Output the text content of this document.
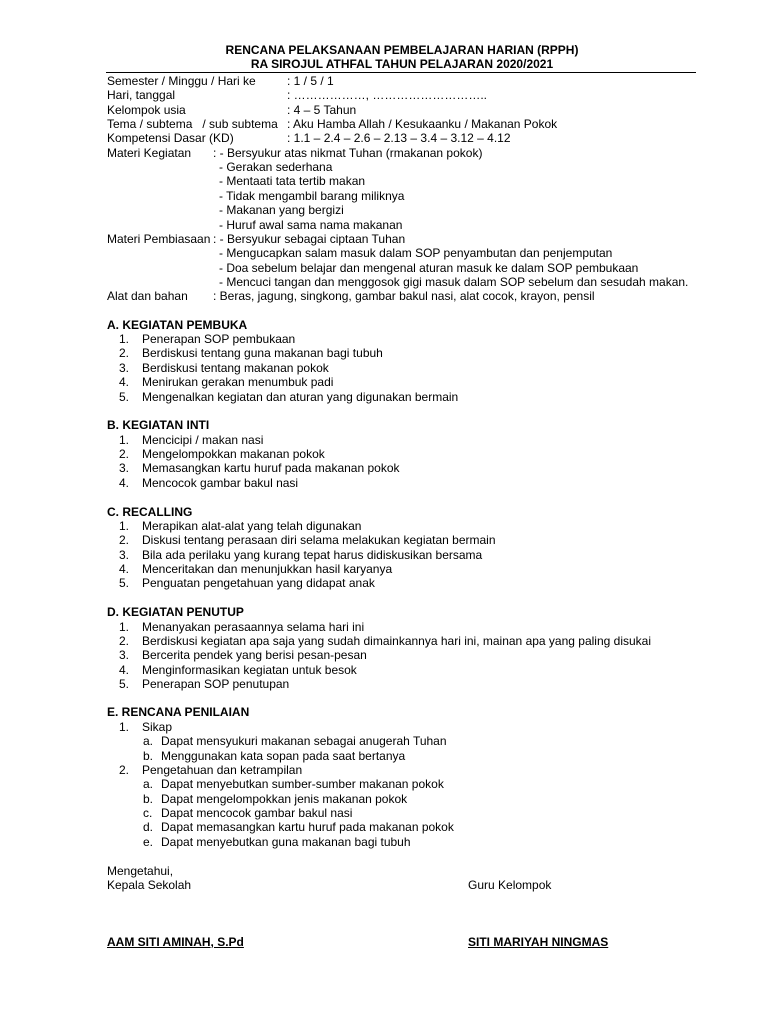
RENCANA PELAKSANAAN PEMBELAJARAN HARIAN (RPPH)
RA SIROJUL ATHFAL TAHUN PELAJARAN 2020/2021
Semester / Minggu / Hari ke	: 1 / 5 / 1
Hari, tanggal	: ………………, ………………………..
Kelompok usia	: 4 – 5 Tahun
Tema / subtema   / sub subtema : Aku Hamba Allah / Kesukaanku / Makanan Pokok
Kompetensi Dasar (KD)	: 1.1 – 2.4 – 2.6 – 2.13 – 3.4 – 3.12 – 4.12
Materi Kegiatan : - Bersyukur atas nikmat Tuhan (rmakanan pokok)
- Gerakan sederhana
- Mentaati tata tertib makan
- Tidak mengambil barang miliknya
- Makanan yang bergizi
- Huruf awal sama nama makanan
Materi Pembiasaan : - Bersyukur sebagai ciptaan Tuhan
- Mengucapkan salam masuk dalam SOP penyambutan dan penjemputan
- Doa sebelum belajar dan mengenal aturan masuk ke dalam SOP pembukaan
- Mencuci tangan dan menggosok gigi masuk dalam SOP sebelum dan sesudah makan.
Alat dan bahan : Beras, jagung, singkong, gambar bakul nasi, alat cocok, krayon, pensil
A. KEGIATAN PEMBUKA
1. Penerapan SOP pembukaan
2. Berdiskusi tentang guna makanan bagi tubuh
3. Berdiskusi tentang makanan pokok
4. Menirukan gerakan menumbuk padi
5. Mengenalkan kegiatan dan aturan yang digunakan bermain
B. KEGIATAN INTI
1. Mencicipi / makan nasi
2. Mengelompokkan makanan pokok
3. Memasangkan kartu huruf pada makanan pokok
4. Mencocok gambar bakul nasi
C. RECALLING
1. Merapikan alat-alat yang telah digunakan
2. Diskusi tentang perasaan diri selama melakukan kegiatan bermain
3. Bila ada perilaku yang kurang tepat harus didiskusikan bersama
4. Menceritakan dan menunjukkan hasil karyanya
5. Penguatan pengetahuan yang didapat anak
D. KEGIATAN PENUTUP
1. Menanyakan perasaannya selama hari ini
2. Berdiskusi kegiatan apa saja yang sudah dimainkannya hari ini, mainan apa yang paling disukai
3. Bercerita pendek yang berisi pesan-pesan
4. Menginformasikan kegiatan untuk besok
5. Penerapan SOP penutupan
E. RENCANA PENILAIAN
1. Sikap
a. Dapat mensyukuri makanan sebagai anugerah Tuhan
b. Menggunakan kata sopan pada saat bertanya
2. Pengetahuan dan ketrampilan
a. Dapat menyebutkan sumber-sumber makanan pokok
b. Dapat mengelompokkan jenis makanan pokok
c. Dapat mencocok gambar bakul nasi
d. Dapat memasangkan kartu huruf pada makanan pokok
e. Dapat menyebutkan guna makanan bagi tubuh
Mengetahui,
Kepala Sekolah	Guru Kelompok
AAM SITI AMINAH, S.Pd	SITI MARIYAH NINGMAS
